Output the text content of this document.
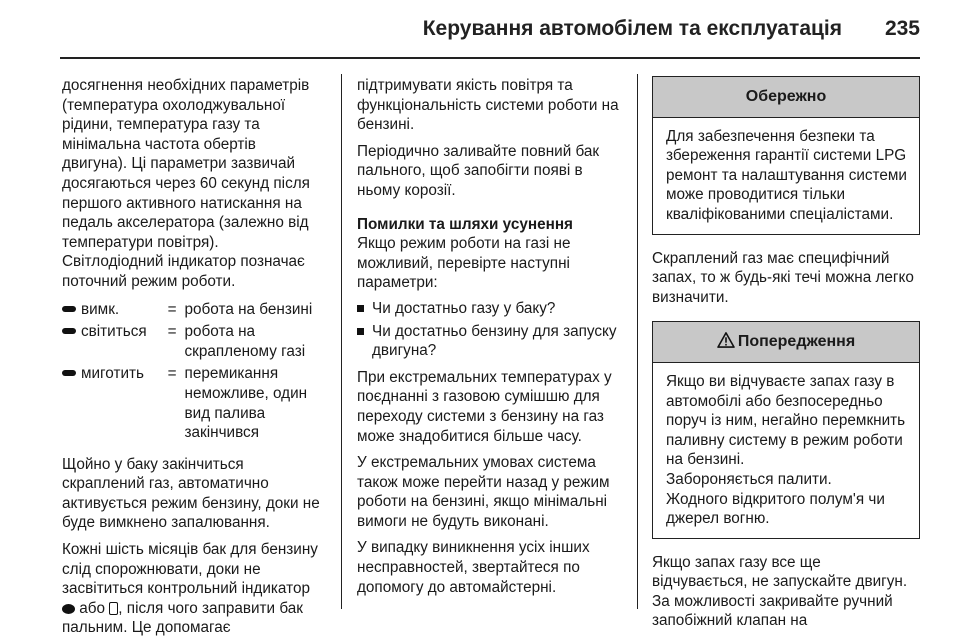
Керування автомобілем та експлуатація 235

досягнення необхідних параметрів (температура охолоджувальної рідини, температура газу та мінімальна частота обертів двигуна). Ці параметри зазвичай досягаються через 60 секунд після першого активного натискання на педаль акселератора (залежно від температури повітря).

Світлодіодний індикатор позначає поточний режим роботи.

вимк.	= робота на бензині
світиться = робота на скрапленому газі
миготить = перемикання неможливе, один вид палива закінчився

Щойно у баку закінчиться скраплений газ, автоматично активується режим бензину, доки не буде вимкнено запалювання.

Кожні шість місяців бак для бензину слід спорожнювати, доки не засвітиться контрольний індикатор
або , після чого заправити бак пальним. Це допомагає

підтримувати якість повітря та функціональність системи роботи на бензині.

Періодично заливайте повний бак пального, щоб запобігти появі в ньому корозії.

Помилки та шляхи усунення

Якщо режим роботи на газі не можливий, перевірте наступні параметри:

Чи достатньо газу у баку?
Чи достатньо бензину для запуску двигуна?

При екстремальних температурах у поєднанні з газовою сумішшю для переходу системи з бензину на газ може знадобитися більше часу.

У екстремальних умовах система також може перейти назад у режим роботи на бензині, якщо мінімальні вимоги не будуть виконані.

У випадку виникнення усіх інших несправностей, звертайтеся по допомогу до автомайстерні.

Обережно
Для забезпечення безпеки та збереження гарантії системи LPG ремонт та налаштування системи може проводитися тільки кваліфікованими спеціалістами.

Скраплений газ має специфічний запах, то ж будь-які течі можна легко визначити.

Попередження
Якщо ви відчуваєте запах газу в автомобілі або безпосередньо поруч із ним, негайно перемкнить паливну систему в режим роботи на бензині.
Забороняється палити.
Жодного відкритого полум'я чи джерел вогню.

Якщо запах газу все ще відчувається, не запускайте двигун. За можливості закривайте ручний запобіжний клапан на
